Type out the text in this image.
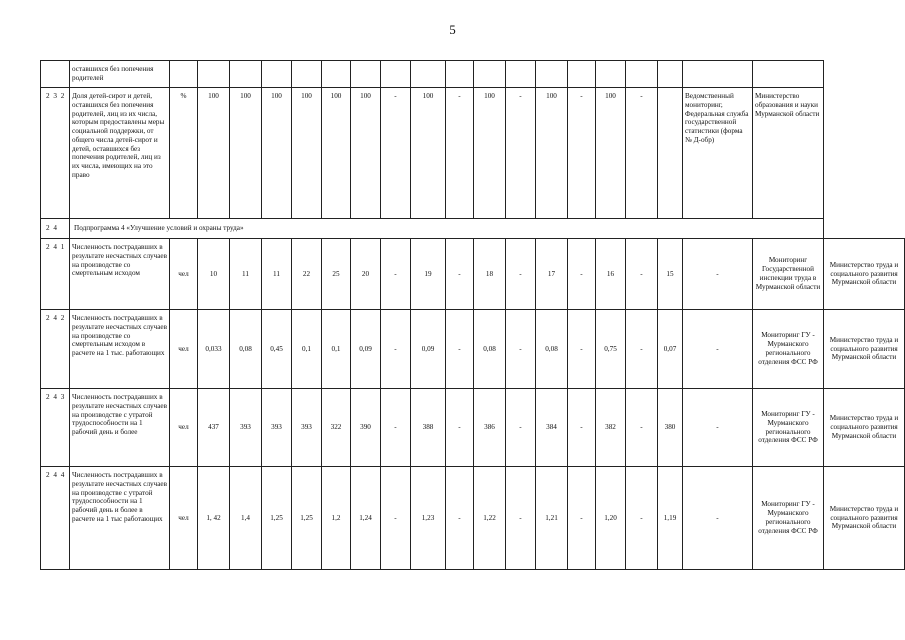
5
	оставшихся без попечения родителей																				
2 3 2	Доля детей-сирот и детей, оставшихся без попечения родителей, лиц из их числа, которым предоставлены меры социальной поддержки, от общего числа детей-сирот и детей, оставшихся без попечения родителей, лиц из их числа, имеющих на это право	%	100	100	100	100	100	100	-	100	-	100	-	100	-	100	-		Ведомственный мониторинг, Федеральная служба государственной статистики (форма № Д-обр)	Министерство образования и науки Мурманской области	
2 4	Подпрограмма 4 «Улучшение условий и охраны труда»																				
2 4 1	Численность пострадавших в результате несчастных случаев на производстве со смертельным исходом	чел	10	11	11	22	25	20	-	19	-	18	-	17	-	16	-	15	-	Мониторинг Государственной инспекции труда в Мурманской области	Министерство труда и социального развития Мурманской области
2 4 2	Численность пострадавших в результате несчастных случаев на производстве со смертельным исходом в расчете на 1 тыс. работающих	чел	0,033	0,08	0,45	0,1	0,1	0,09	-	0,09	-	0,08	-	0,08	-	0,75	-	0,07	-	Мониторинг ГУ - Мурманского регионального отделения ФСС РФ	Министерство труда и социального развития Мурманской области
2 4 3	Численность пострадавших в результате несчастных случаев на производстве с утратой трудоспособности на 1 рабочий день и более	чел	437	393	393	393	322	390	-	388	-	386	-	384	-	382	-	380	-	Мониторинг ГУ - Мурманского регионального отделения ФСС РФ	Министерство труда и социального развития Мурманской области
2 4 4	Численность пострадавших в результате несчастных случаев на производстве с утратой трудоспособности на 1 рабочий день и более в расчете на 1 тыс работающих	чел	1, 42	1,4	1,25	1,25	1,2	1,24	-	1,23	-	1,22	-	1,21	-	1,20	-	1,19	-	Мониторинг ГУ - Мурманского регионального отделения ФСС РФ	Министерство труда и социального развития Мурманской области
